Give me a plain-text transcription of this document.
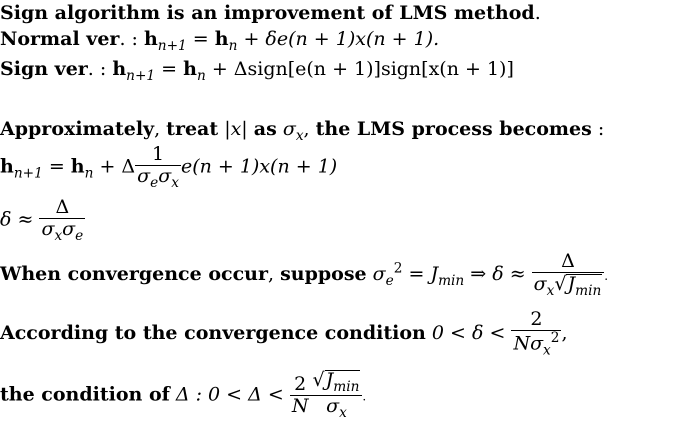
Sign algorithm is an improvement of LMS method.
Normal ver. : $h_{n+1} = h_n + \delta e(n + 1)x(n + 1)$.
Sign ver. : $h_{n+1} = h_n$ + Δsign[e(n + 1)]sign[x(n + 1)]
Approximately, treat |x| as $\sigma_x$, the LMS process becomes :
$h_{n+1} = h_n + \Delta \frac{1}{\sigma_e\sigma_x} e(n + 1)x(n + 1)$
$\delta \approx \frac{\Delta}{\sigma_x\sigma_e}$
When convergence occur, suppose $\sigma_e^2 = J_{min}$ ⇒ $\delta \approx \frac{\Delta}{\sigma_x√J_{min}}$ .
According to the convergence condition $0 < \delta < \frac{2}{N\sigma_x^2}$ ,
the condition of Δ : $0 < \Delta < \frac{2}{N} \frac{√J_{min}}{\sigma_x}$ .
